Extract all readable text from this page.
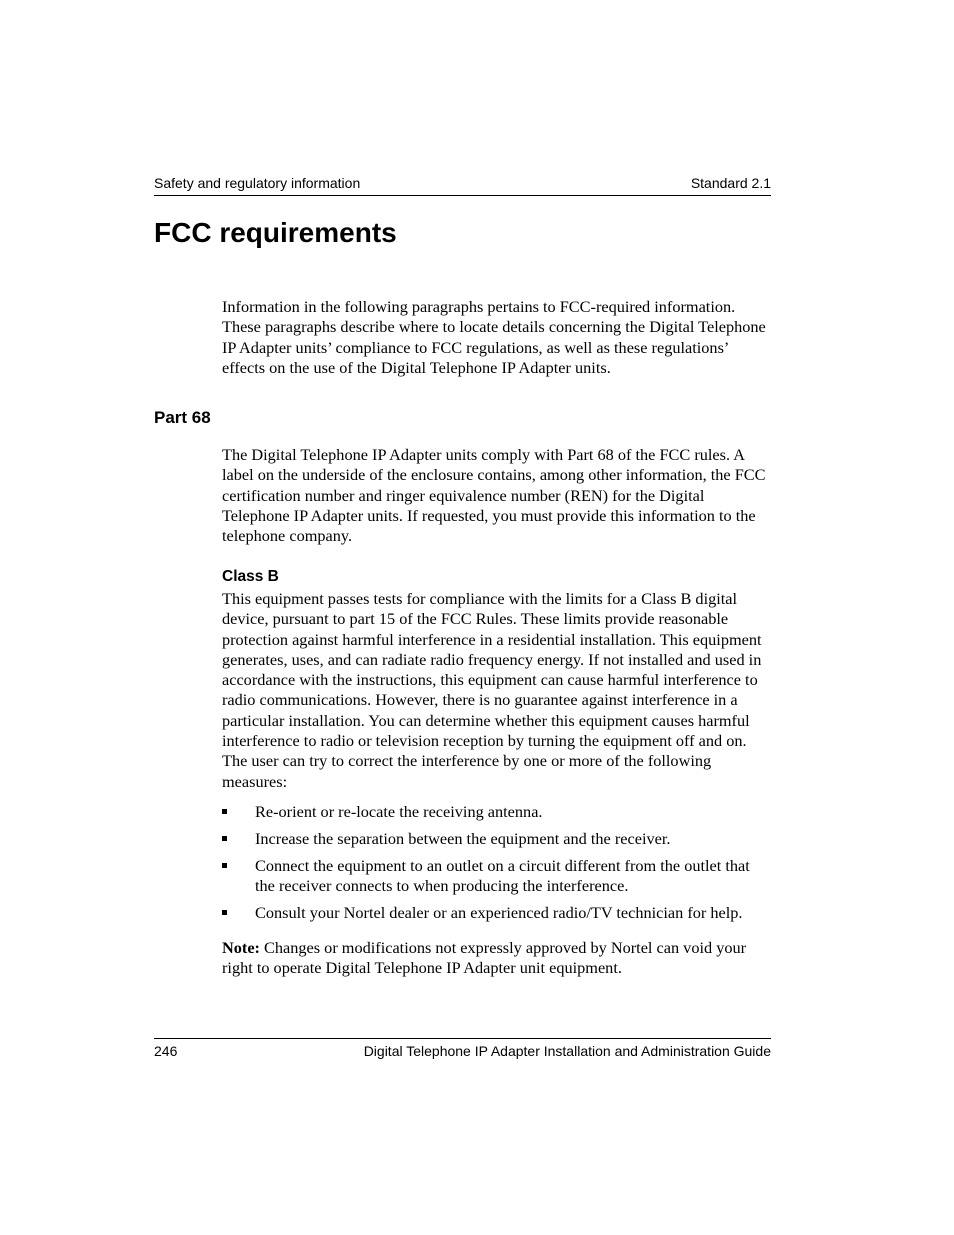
Safety and regulatory information	Standard 2.1
FCC requirements

Information in the following paragraphs pertains to FCC-required information. These paragraphs describe where to locate details concerning the Digital Telephone IP Adapter units’ compliance to FCC regulations, as well as these regulations’ effects on the use of the Digital Telephone IP Adapter units.

Part 68

The Digital Telephone IP Adapter units comply with Part 68 of the FCC rules. A label on the underside of the enclosure contains, among other information, the FCC certification number and ringer equivalence number (REN) for the Digital Telephone IP Adapter units. If requested, you must provide this information to the telephone company.

Class B

This equipment passes tests for compliance with the limits for a Class B digital device, pursuant to part 15 of the FCC Rules. These limits provide reasonable protection against harmful interference in a residential installation. This equipment generates, uses, and can radiate radio frequency energy. If not installed and used in accordance with the instructions, this equipment can cause harmful interference to radio communications. However, there is no guarantee against interference in a particular installation. You can determine whether this equipment causes harmful interference to radio or television reception by turning the equipment off and on. The user can try to correct the interference by one or more of the following measures:

Re-orient or re-locate the receiving antenna.
Increase the separation between the equipment and the receiver.
Connect the equipment to an outlet on a circuit different from the outlet that the receiver connects to when producing the interference.
Consult your Nortel dealer or an experienced radio/TV technician for help.

Note: Changes or modifications not expressly approved by Nortel can void your right to operate Digital Telephone IP Adapter unit equipment.

246	Digital Telephone IP Adapter Installation and Administration Guide
